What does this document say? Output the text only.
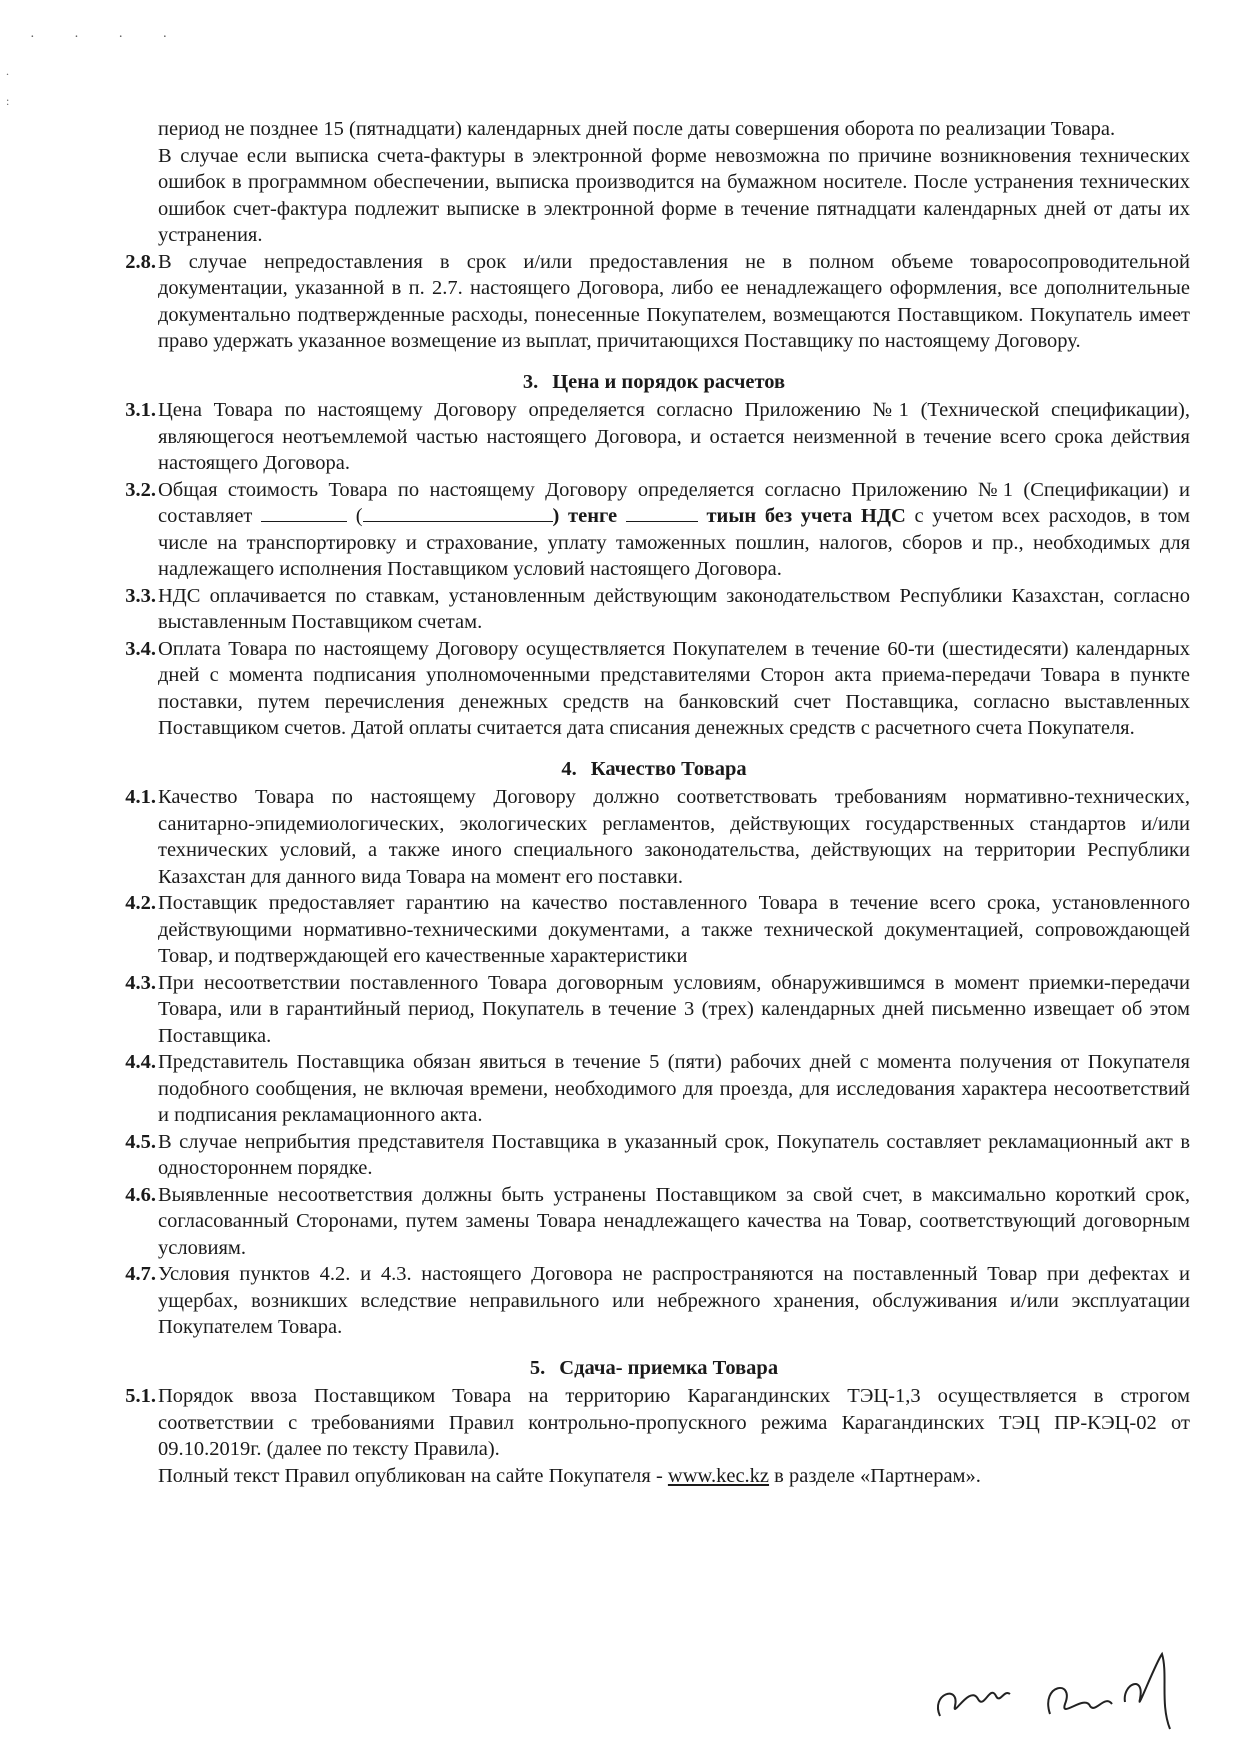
· · · ·
.
:

период не позднее 15 (пятнадцати) календарных дней после даты совершения оборота по реализации Товара.

В случае если выписка счета-фактуры в электронной форме невозможна по причине возникновения технических ошибок в программном обеспечении, выписка производится на бумажном носителе. После устранения технических ошибок счет-фактура подлежит выписке в электронной форме в течение пятнадцати календарных дней от даты их устранения.

2.8. В случае непредоставления в срок и/или предоставления не в полном объеме товаросопроводительной документации, указанной в п. 2.7. настоящего Договора, либо ее ненадлежащего оформления, все дополнительные документально подтвержденные расходы, понесенные Покупателем, возмещаются Поставщиком. Покупатель имеет право удержать указанное возмещение из выплат, причитающихся Поставщику по настоящему Договору.
3. Цена и порядок расчетов
3.1. Цена Товара по настоящему Договору определяется согласно Приложению №1 (Технической спецификации), являющегося неотъемлемой частью настоящего Договора, и остается неизменной в течение всего срока действия настоящего Договора.
3.2. Общая стоимость Товара по настоящему Договору определяется согласно Приложению №1 (Спецификации) и составляет	(	) тенге	тиын без учета НДС с учетом всех расходов, в том числе на транспортировку и страхование, уплату таможенных пошлин, налогов, сборов и пр., необходимых для надлежащего исполнения Поставщиком условий настоящего Договора.
3.3. НДС оплачивается по ставкам, установленным действующим законодательством Республики Казахстан, согласно выставленным Поставщиком счетам.
3.4. Оплата Товара по настоящему Договору осуществляется Покупателем в течение 60-ти (шестидесяти) календарных дней с момента подписания уполномоченными представителями Сторон акта приема-передачи Товара в пункте поставки, путем перечисления денежных средств на банковский счет Поставщика, согласно выставленных Поставщиком счетов. Датой оплаты считается дата списания денежных средств с расчетного счета Покупателя.
4. Качество Товара
4.1. Качество Товара по настоящему Договору должно соответствовать требованиям нормативно-технических, санитарно-эпидемиологических, экологических регламентов, действующих государственных стандартов и/или технических условий, а также иного специального законодательства, действующих на территории Республики Казахстан для данного вида Товара на момент его поставки.
4.2. Поставщик предоставляет гарантию на качество поставленного Товара в течение всего срока, установленного действующими нормативно-техническими документами, а также технической документацией, сопровождающей Товар, и подтверждающей его качественные характеристики
4.3. При несоответствии поставленного Товара договорным условиям, обнаружившимся в момент приемки-передачи Товара, или в гарантийный период, Покупатель в течение 3 (трех) календарных дней письменно извещает об этом Поставщика.
4.4. Представитель Поставщика обязан явиться в течение 5 (пяти) рабочих дней с момента получения от Покупателя подобного сообщения, не включая времени, необходимого для проезда, для исследования характера несоответствий и подписания рекламационного акта.
4.5. В случае неприбытия представителя Поставщика в указанный срок, Покупатель составляет рекламационный акт в одностороннем порядке.
4.6. Выявленные несоответствия должны быть устранены Поставщиком за свой счет, в максимально короткий срок, согласованный Сторонами, путем замены Товара ненадлежащего качества на Товар, соответствующий договорным условиям.
4.7. Условия пунктов 4.2. и 4.3. настоящего Договора не распространяются на поставленный Товар при дефектах и ущербах, возникших вследствие неправильного или небрежного хранения, обслуживания и/или эксплуатации Покупателем Товара.
5. Сдача- приемка Товара
5.1. Порядок ввоза Поставщиком Товара на территорию Карагандинских ТЭЦ-1,3 осуществляется в строгом соответствии с требованиями Правил контрольно-пропускного режима Карагандинских ТЭЦ ПР-КЭЦ-02 от 09.10.2019г. (далее по тексту Правила).

Полный текст Правил опубликован на сайте Покупателя - www.kec.kz в разделе «Партнерам».
